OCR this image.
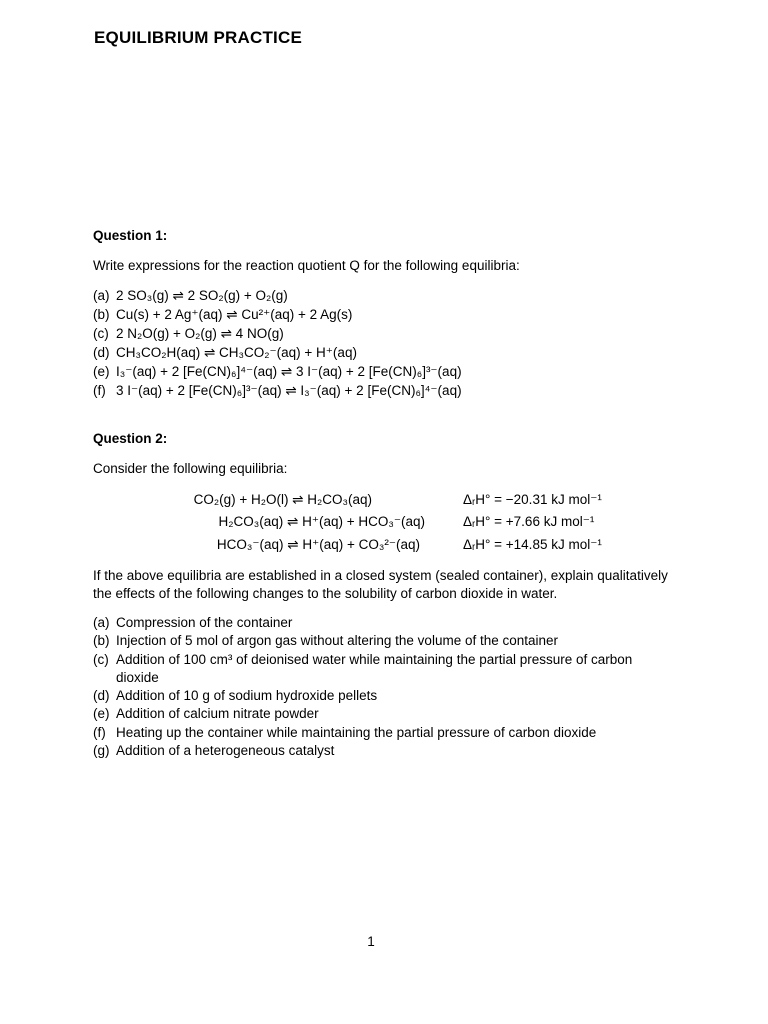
EQUILIBRIUM PRACTICE
Question 1:
Write expressions for the reaction quotient Q for the following equilibria:
(a) 2 SO₃(g) ⇌ 2 SO₂(g) + O₂(g)
(b) Cu(s) + 2 Ag⁺(aq) ⇌ Cu²⁺(aq) + 2 Ag(s)
(c) 2 N₂O(g) + O₂(g) ⇌ 4 NO(g)
(d) CH₃CO₂H(aq) ⇌ CH₃CO₂⁻(aq) + H⁺(aq)
(e) I₃⁻(aq) + 2 [Fe(CN)₆]⁴⁻(aq) ⇌ 3 I⁻(aq) + 2 [Fe(CN)₆]³⁻(aq)
(f) 3 I⁻(aq) + 2 [Fe(CN)₆]³⁻(aq) ⇌ I₃⁻(aq) + 2 [Fe(CN)₆]⁴⁻(aq)
Question 2:
Consider the following equilibria:
CO₂(g) + H₂O(l) ⇌ H₂CO₃(aq)	ΔᵣH° = −20.31 kJ mol⁻¹
H₂CO₃(aq) ⇌ H⁺(aq) + HCO₃⁻(aq)	ΔᵣH° = +7.66 kJ mol⁻¹
HCO₃⁻(aq) ⇌ H⁺(aq) + CO₃²⁻(aq)	ΔᵣH° = +14.85 kJ mol⁻¹
If the above equilibria are established in a closed system (sealed container), explain qualitatively the effects of the following changes to the solubility of carbon dioxide in water.
(a) Compression of the container
(b) Injection of 5 mol of argon gas without altering the volume of the container
(c) Addition of 100 cm³ of deionised water while maintaining the partial pressure of carbon dioxide
(d) Addition of 10 g of sodium hydroxide pellets
(e) Addition of calcium nitrate powder
(f) Heating up the container while maintaining the partial pressure of carbon dioxide
(g) Addition of a heterogeneous catalyst
1
